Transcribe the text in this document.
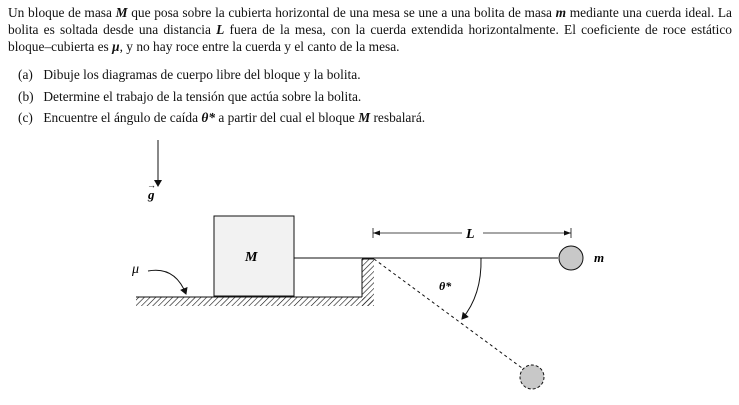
Un bloque de masa M que posa sobre la cubierta horizontal de una mesa se une a una bolita de masa m mediante una cuerda ideal. La bolita es soltada desde una distancia L fuera de la mesa, con la cuerda extendida horizontalmente. El coeficiente de roce estático bloque–cubierta es μ, y no hay roce entre la cuerda y el canto de la mesa.

(a) Dibuje los diagramas de cuerpo libre del bloque y la bolita.
(b) Determine el trabajo de la tensión que actúa sobre la bolita.
(c) Encuentre el ángulo de caída θ* a partir del cual el bloque M resbalará.
g
→
M
L
m
μ
θ*
